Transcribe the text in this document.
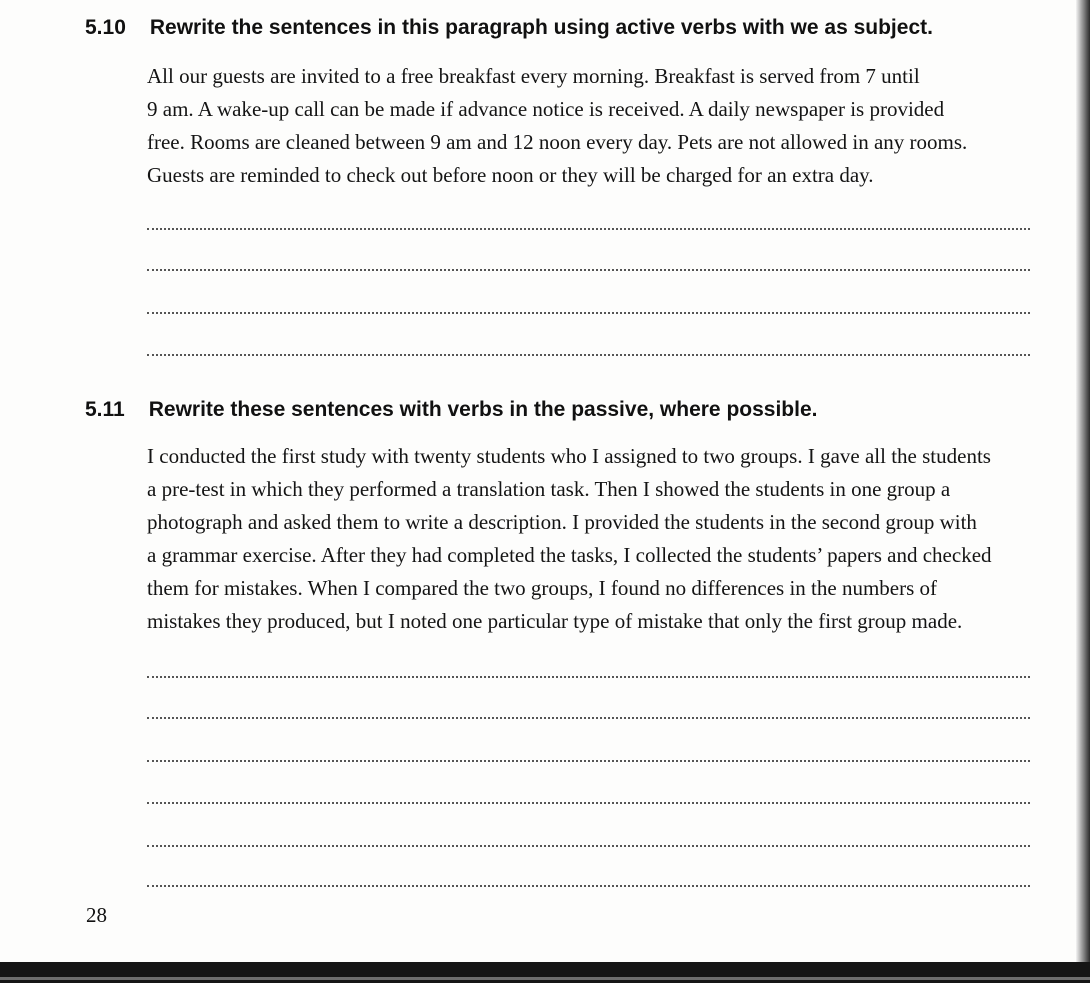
5.10 Rewrite the sentences in this paragraph using active verbs with we as subject.
All our guests are invited to a free breakfast every morning. Breakfast is served from 7 until
9 am. A wake-up call can be made if advance notice is received. A daily newspaper is provided
free. Rooms are cleaned between 9 am and 12 noon every day. Pets are not allowed in any rooms.
Guests are reminded to check out before noon or they will be charged for an extra day.
5.11 Rewrite these sentences with verbs in the passive, where possible.
I conducted the first study with twenty students who I assigned to two groups. I gave all the students
a pre-test in which they performed a translation task. Then I showed the students in one group a
photograph and asked them to write a description. I provided the students in the second group with
a grammar exercise. After they had completed the tasks, I collected the students’ papers and checked
them for mistakes. When I compared the two groups, I found no differences in the numbers of
mistakes they produced, but I noted one particular type of mistake that only the first group made.
28
